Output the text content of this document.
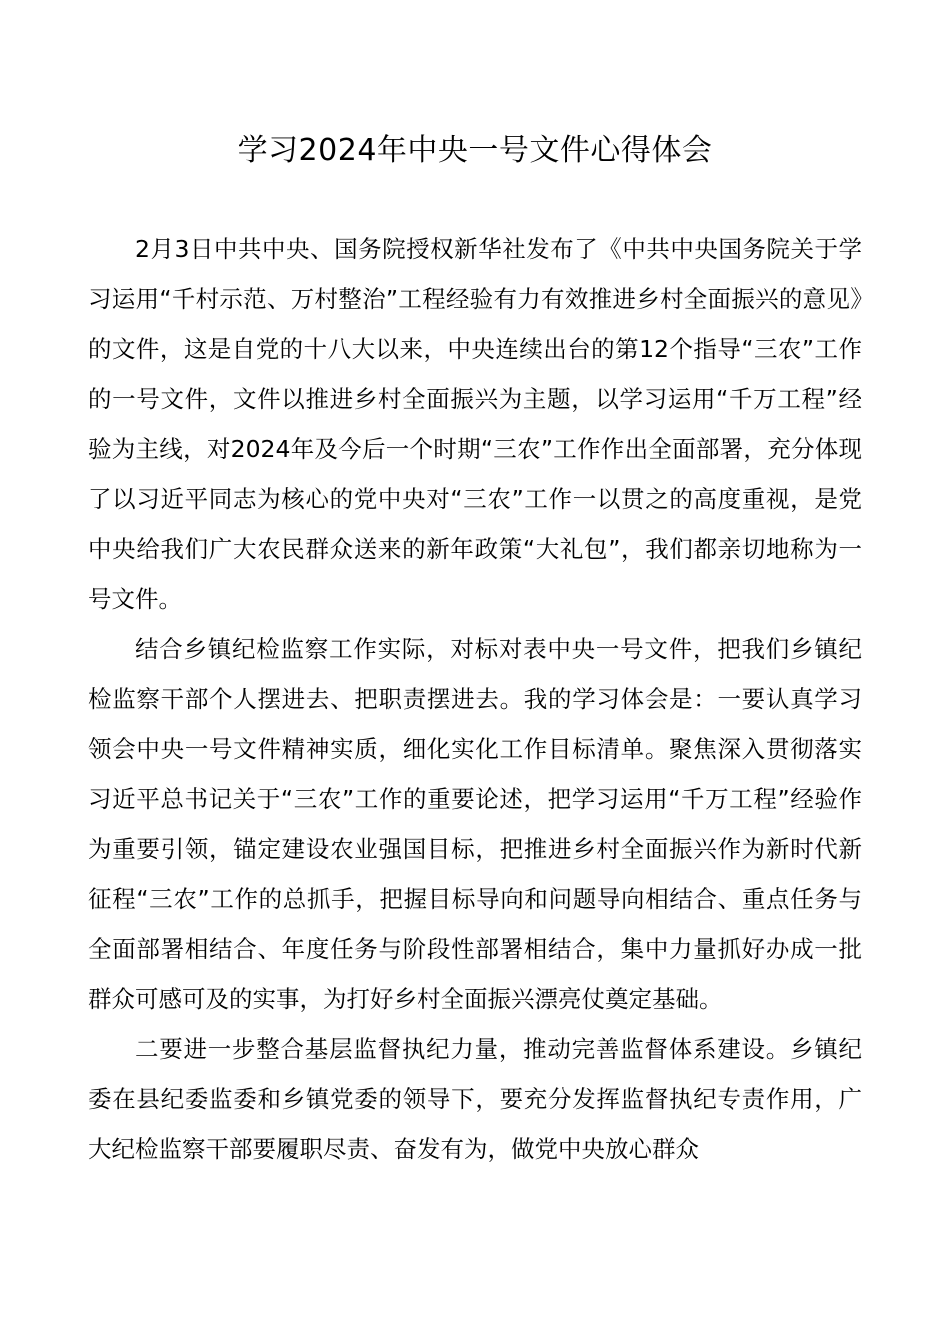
学习2024年中央一号文件心得体会

2月3日中共中央、国务院授权新华社发布了《中共中央国务院关于学习运用“千村示范、万村整治”工程经验有力有效推进乡村全面振兴的意见》的文件，这是自党的十八大以来，中央连续出台的第12个指导“三农”工作的一号文件，文件以推进乡村全面振兴为主题，以学习运用“千万工程”经验为主线，对2024年及今后一个时期“三农”工作作出全面部署，充分体现了以习近平同志为核心的党中央对“三农”工作一以贯之的高度重视，是党中央给我们广大农民群众送来的新年政策“大礼包”，我们都亲切地称为一号文件。

结合乡镇纪检监察工作实际，对标对表中央一号文件，把我们乡镇纪检监察干部个人摆进去、把职责摆进去。我的学习体会是：一要认真学习领会中央一号文件精神实质，细化实化工作目标清单。聚焦深入贯彻落实习近平总书记关于“三农”工作的重要论述，把学习运用“千万工程”经验作为重要引领，锚定建设农业强国目标，把推进乡村全面振兴作为新时代新征程“三农”工作的总抓手，把握目标导向和问题导向相结合、重点任务与全面部署相结合、年度任务与阶段性部署相结合，集中力量抓好办成一批群众可感可及的实事，为打好乡村全面振兴漂亮仗奠定基础。

二要进一步整合基层监督执纪力量，推动完善监督体系建设。乡镇纪委在县纪委监委和乡镇党委的领导下，要充分发挥监督执纪专责作用，广大纪检监察干部要履职尽责、奋发有为，做党中央放心群众
